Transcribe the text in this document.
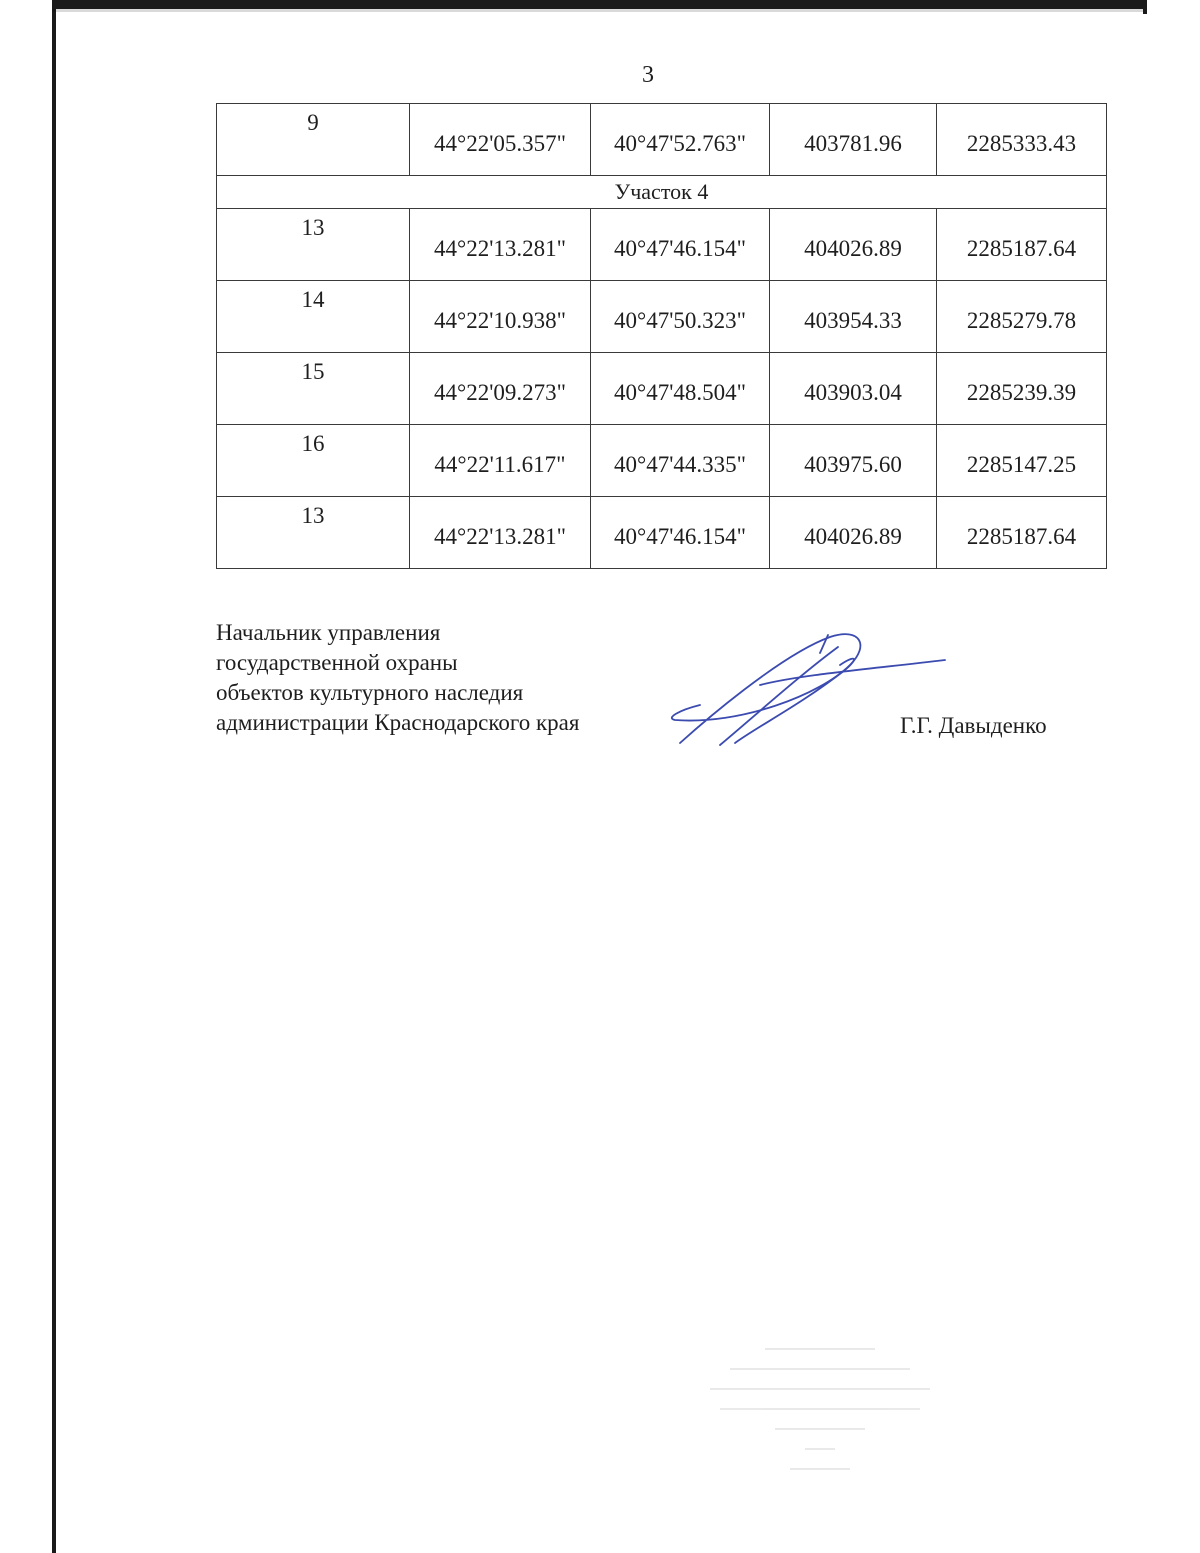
3
9	44°22'05.357"	40°47'52.763"	403781.96	2285333.43
Участок 4				
13	44°22'13.281"	40°47'46.154"	404026.89	2285187.64
14	44°22'10.938"	40°47'50.323"	403954.33	2285279.78
15	44°22'09.273"	40°47'48.504"	403903.04	2285239.39
16	44°22'11.617"	40°47'44.335"	403975.60	2285147.25
13	44°22'13.281"	40°47'46.154"	404026.89	2285187.64
Начальник управления
государственной охраны
объектов культурного наследия
администрации Краснодарского края	Г.Г. Давыденко
